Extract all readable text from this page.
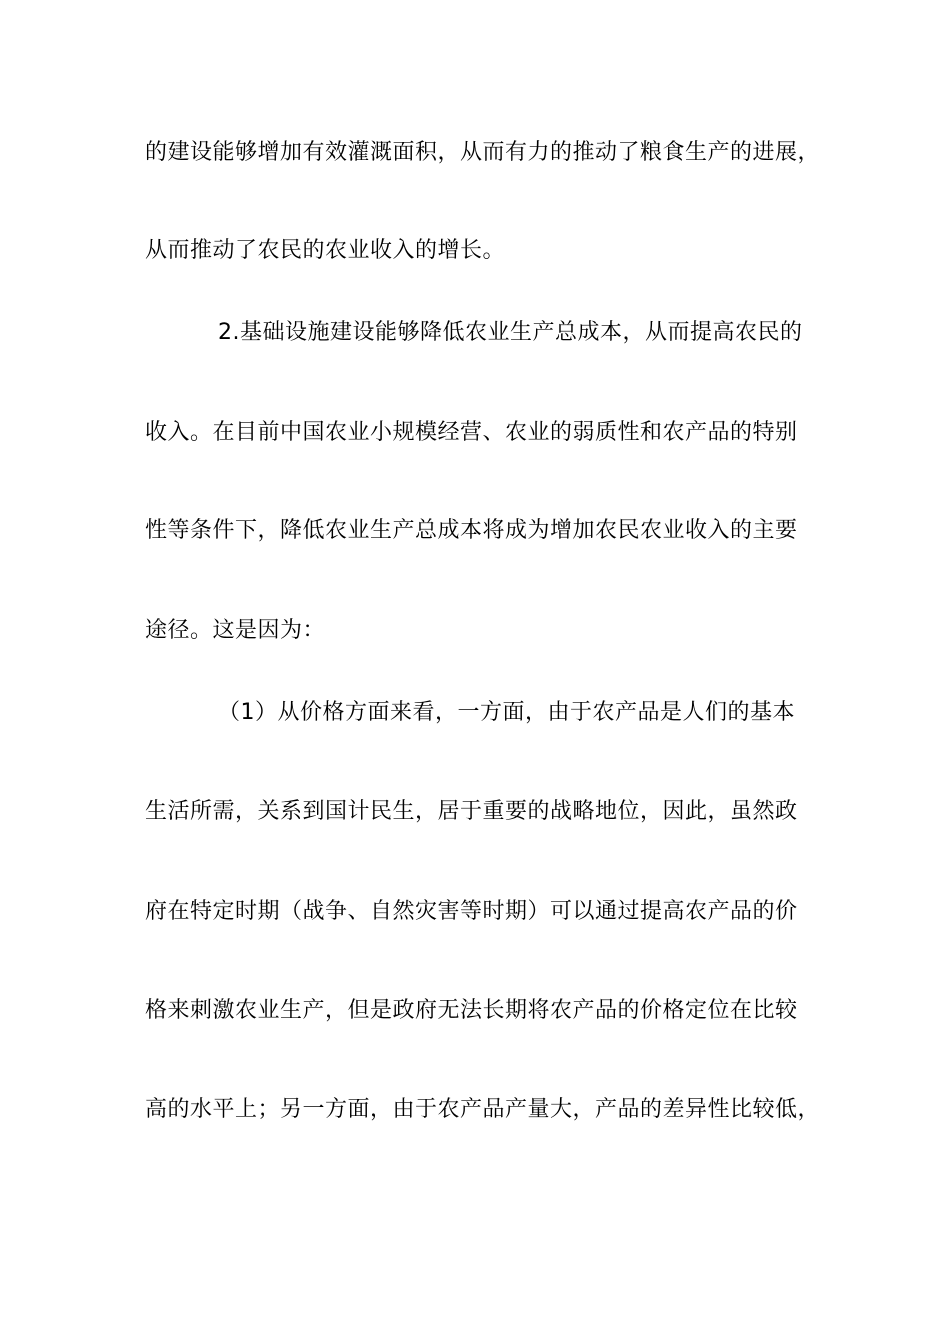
的建设能够增加有效灌溉面积，从而有力的推动了粮食生产的进展，
从而推动了农民的农业收入的增长。
2.基础设施建设能够降低农业生产总成本，从而提高农民的
收入。在目前中国农业小规模经营、农业的弱质性和农产品的特别
性等条件下，降低农业生产总成本将成为增加农民农业收入的主要
途径。这是因为：
（1）从价格方面来看，一方面，由于农产品是人们的基本
生活所需，关系到国计民生，居于重要的战略地位，因此，虽然政
府在特定时期（战争、自然灾害等时期）可以通过提高农产品的价
格来刺激农业生产，但是政府无法长期将农产品的价格定位在比较
高的水平上；另一方面，由于农产品产量大，产品的差异性比较低，
